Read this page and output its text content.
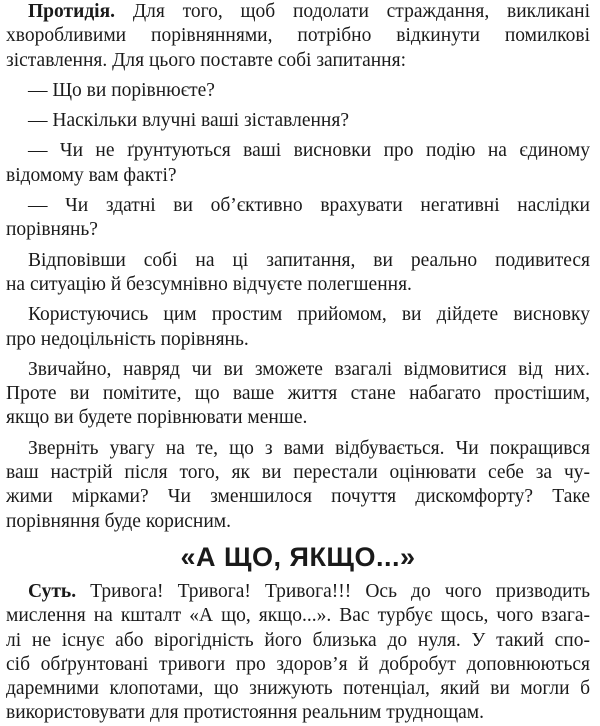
Протидія. Для того, щоб подолати страждання, викликані
хворобливими порівняннями, потрібно відкинути помилкові
зіставлення. Для цього поставте собі запитання:
— Що ви порівнюєте?
— Наскільки влучні ваші зіставлення?
— Чи не ґрунтуються ваші висновки про подію на єдиному
відомому вам факті?
— Чи здатні ви об’єктивно врахувати негативні наслідки
порівнянь?
Відповівши собі на ці запитання, ви реально подивитеся
на ситуацію й безсумнівно відчуєте полегшення.
Користуючись цим простим прийомом, ви дійдете висновку
про недоцільність порівнянь.
Звичайно, навряд чи ви зможете взагалі відмовитися від них.
Проте ви помітите, що ваше життя стане набагато простішим,
якщо ви будете порівнювати менше.
Зверніть увагу на те, що з вами відбувається. Чи покращився
ваш настрій після того, як ви перестали оцінювати себе за чу-
жими мірками? Чи зменшилося почуття дискомфорту? Таке
порівняння буде корисним.
«А ЩО, ЯКЩО...»
Суть. Тривога! Тривога! Тривога!!! Ось до чого призводить
мислення на кшталт «А що, якщо...». Вас турбує щось, чого взага-
лі не існує або вірогідність його близька до нуля. У такий спо-
сіб обґрунтовані тривоги про здоров’я й добробут доповнюються
даремними клопотами, що знижують потенціал, який ви могли б
використовувати для протистояння реальним труднощам.
